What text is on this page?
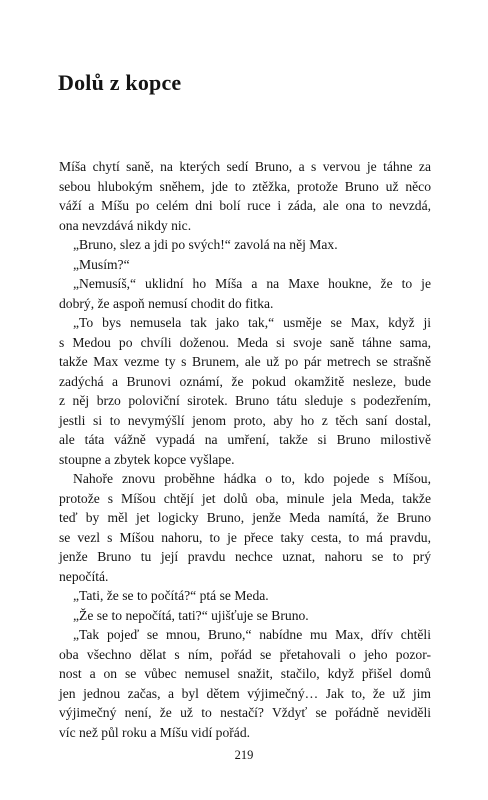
Dolů z kopce
Míša chytí saně, na kterých sedí Bruno, a s vervou je táhne za
sebou hlubokým sněhem, jde to ztěžka, protože Bruno už něco
váží a Míšu po celém dni bolí ruce i záda, ale ona to nevzdá,
ona nevzdává nikdy nic.
„Bruno, slez a jdi po svých!“ zavolá na něj Max.
„Musím?“
„Nemusíš,“ uklidní ho Míša a na Maxe houkne, že to je
dobrý, že aspoň nemusí chodit do fitka.
„To bys nemusela tak jako tak,“ usměje se Max, když ji
s Medou po chvíli doženou. Meda si svoje saně táhne sama,
takže Max vezme ty s Brunem, ale už po pár metrech se strašně
zadýchá a Brunovi oznámí, že pokud okamžitě nesleze, bude
z něj brzo poloviční sirotek. Bruno tátu sleduje s podezřením,
jestli si to nevymýšlí jenom proto, aby ho z těch saní dostal,
ale táta vážně vypadá na umření, takže si Bruno milostivě
stoupne a zbytek kopce vyšlape.
Nahoře znovu proběhne hádka o to, kdo pojede s Míšou,
protože s Míšou chtějí jet dolů oba, minule jela Meda, takže
teď by měl jet logicky Bruno, jenže Meda namítá, že Bruno
se vezl s Míšou nahoru, to je přece taky cesta, to má pravdu,
jenže Bruno tu její pravdu nechce uznat, nahoru se to prý
nepočítá.
„Tati, že se to počítá?“ ptá se Meda.
„Že se to nepočítá, tati?“ ujišťuje se Bruno.
„Tak pojeď se mnou, Bruno,“ nabídne mu Max, dřív chtěli
oba všechno dělat s ním, pořád se přetahovali o jeho pozor-
nost a on se vůbec nemusel snažit, stačilo, když přišel domů
jen jednou začas, a byl dětem výjimečný… Jak to, že už jim
výjimečný není, že už to nestačí? Vždyť se pořádně neviděli
víc než půl roku a Míšu vidí pořád.
219
